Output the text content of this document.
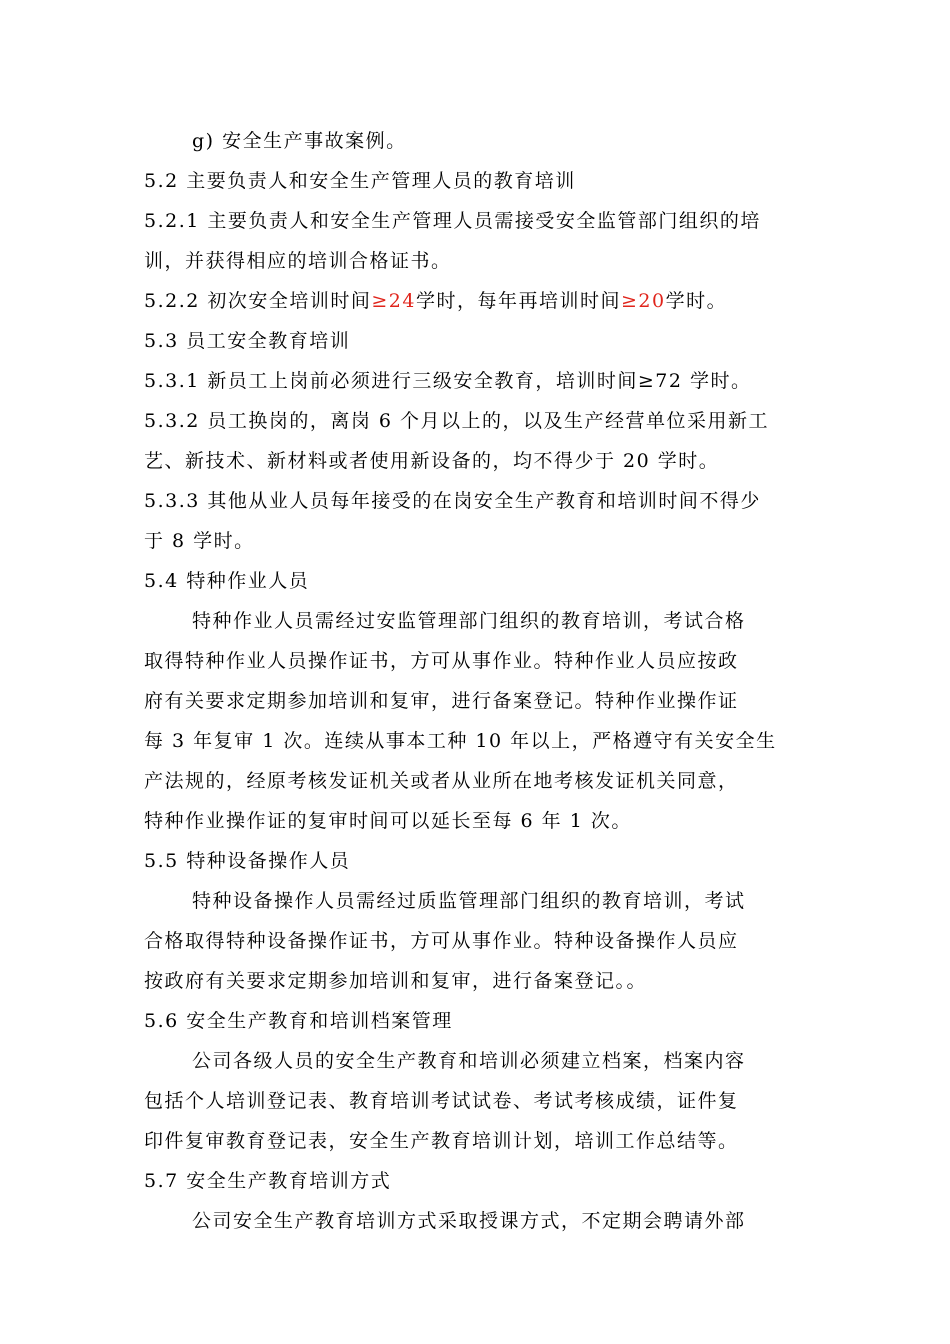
g) 安全生产事故案例。
5.2 主要负责人和安全生产管理人员的教育培训
5.2.1 主要负责人和安全生产管理人员需接受安全监管部门组织的培
训，并获得相应的培训合格证书。
5.2.2 初次安全培训时间≥24学时，每年再培训时间≥20学时。
5.3 员工安全教育培训
5.3.1 新员工上岗前必须进行三级安全教育，培训时间≥72 学时。
5.3.2 员工换岗的，离岗 6 个月以上的，以及生产经营单位采用新工
艺、新技术、新材料或者使用新设备的，均不得少于 20 学时。
5.3.3 其他从业人员每年接受的在岗安全生产教育和培训时间不得少
于 8 学时。
5.4 特种作业人员
特种作业人员需经过安监管理部门组织的教育培训，考试合格
取得特种作业人员操作证书，方可从事作业。特种作业人员应按政
府有关要求定期参加培训和复审，进行备案登记。特种作业操作证
每 3 年复审 1 次。连续从事本工种 10 年以上，严格遵守有关安全生
产法规的，经原考核发证机关或者从业所在地考核发证机关同意，
特种作业操作证的复审时间可以延长至每 6 年 1 次。
5.5 特种设备操作人员
特种设备操作人员需经过质监管理部门组织的教育培训，考试
合格取得特种设备操作证书，方可从事作业。特种设备操作人员应
按政府有关要求定期参加培训和复审，进行备案登记。。
5.6 安全生产教育和培训档案管理
公司各级人员的安全生产教育和培训必须建立档案，档案内容
包括个人培训登记表、教育培训考试试卷、考试考核成绩，证件复
印件复审教育登记表，安全生产教育培训计划，培训工作总结等。
5.7 安全生产教育培训方式
公司安全生产教育培训方式采取授课方式，不定期会聘请外部
